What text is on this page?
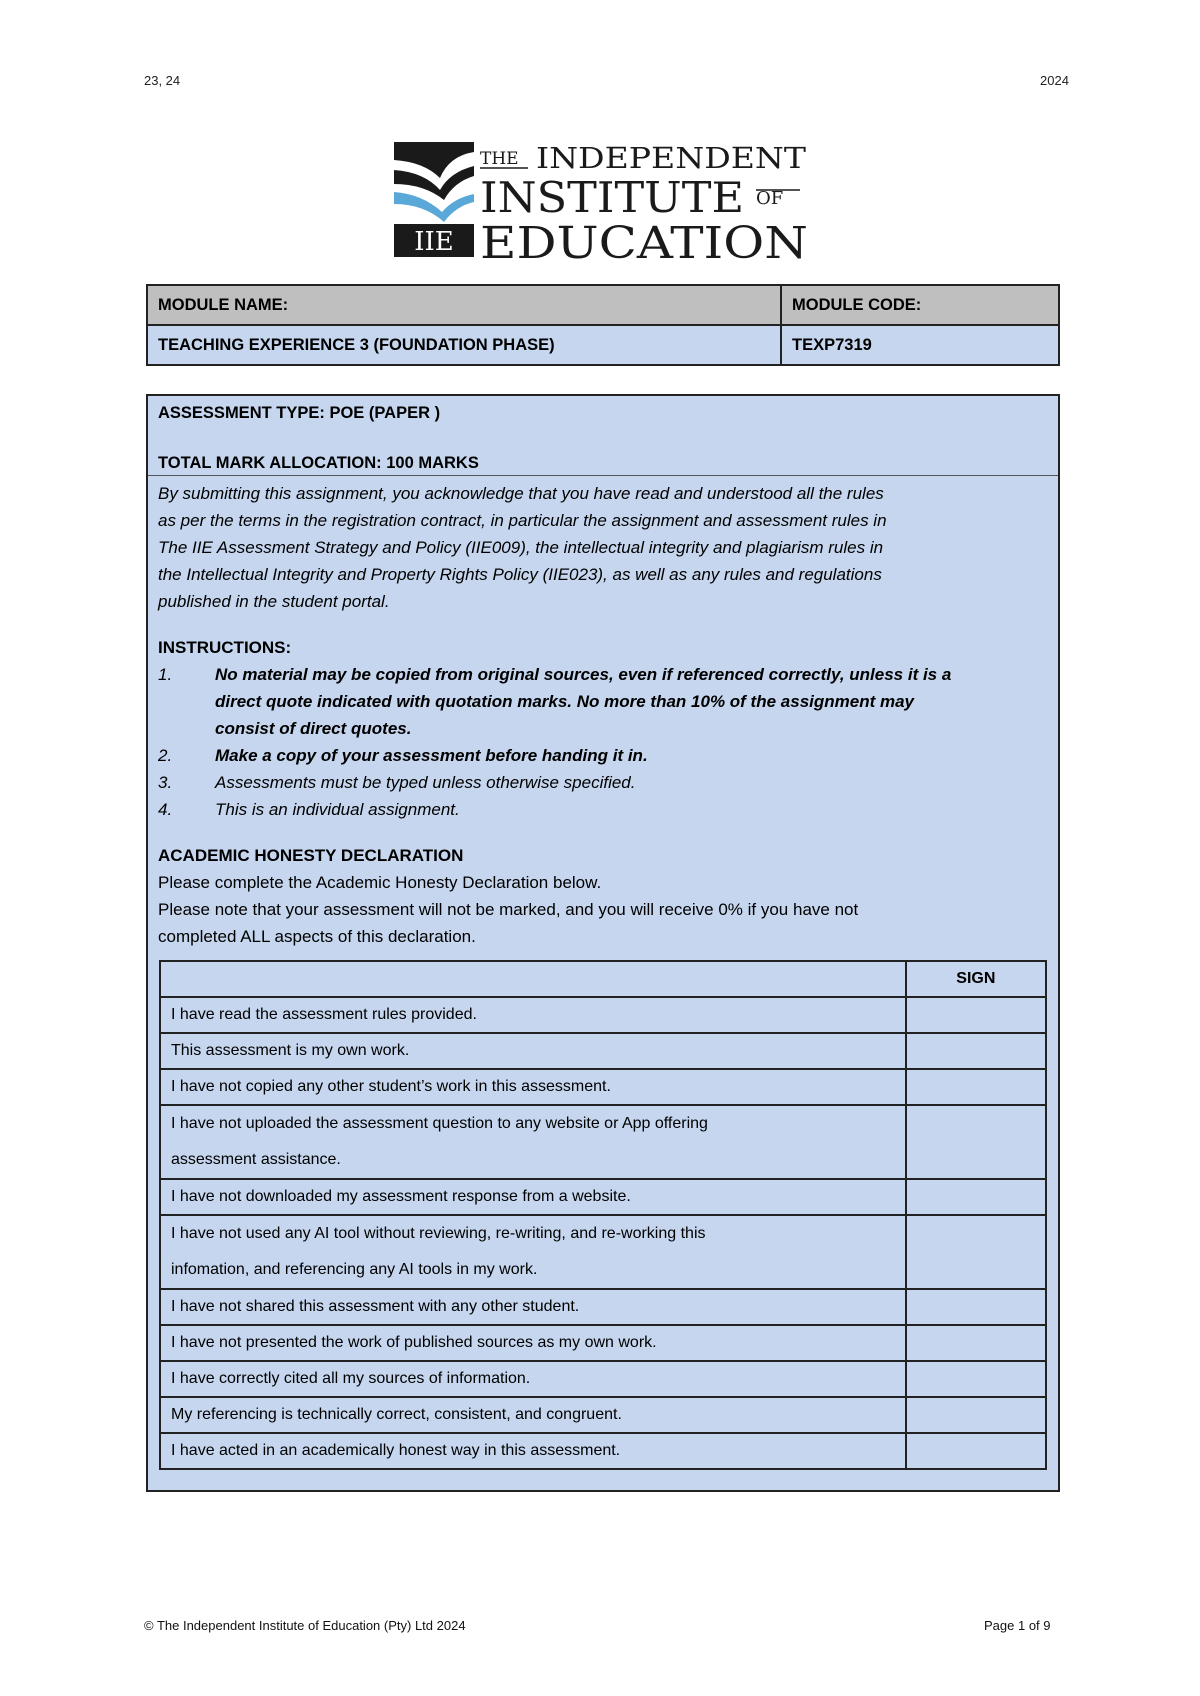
23, 24	2024
IIE
THE INDEPENDENT
INSTITUTE OF
EDUCATION
MODULE NAME:	MODULE CODE:
TEACHING EXPERIENCE 3 (FOUNDATION PHASE)	TEXP7319
ASSESSMENT TYPE: POE (PAPER )
TOTAL MARK ALLOCATION: 100 MARKS
By submitting this assignment, you acknowledge that you have read and understood all the rules
as per the terms in the registration contract, in particular the assignment and assessment rules in
The IIE Assessment Strategy and Policy (IIE009), the intellectual integrity and plagiarism rules in
the Intellectual Integrity and Property Rights Policy (IIE023), as well as any rules and regulations
published in the student portal.
INSTRUCTIONS:
1.	No material may be copied from original sources, even if referenced correctly, unless it is a
direct quote indicated with quotation marks. No more than 10% of the assignment may
consist of direct quotes.
2.	Make a copy of your assessment before handing it in.
3.	Assessments must be typed unless otherwise specified.
4.	This is an individual assignment.
ACADEMIC HONESTY DECLARATION
Please complete the Academic Honesty Declaration below.
Please note that your assessment will not be marked, and you will receive 0% if you have not
completed ALL aspects of this declaration.
	SIGN
I have read the assessment rules provided.	
This assessment is my own work.	
I have not copied any other student’s work in this assessment.	

I have not uploaded the assessment question to any website or App offering
assessment assistance.	

I have not downloaded my assessment response from a website.	

I have not used any AI tool without reviewing, re-writing, and re-working this
infomation, and referencing any AI tools in my work.	

I have not shared this assessment with any other student.	
I have not presented the work of published sources as my own work.	
I have correctly cited all my sources of information.	
My referencing is technically correct, consistent, and congruent.	
I have acted in an academically honest way in this assessment.	
© The Independent Institute of Education (Pty) Ltd 2024	Page 1 of 9
